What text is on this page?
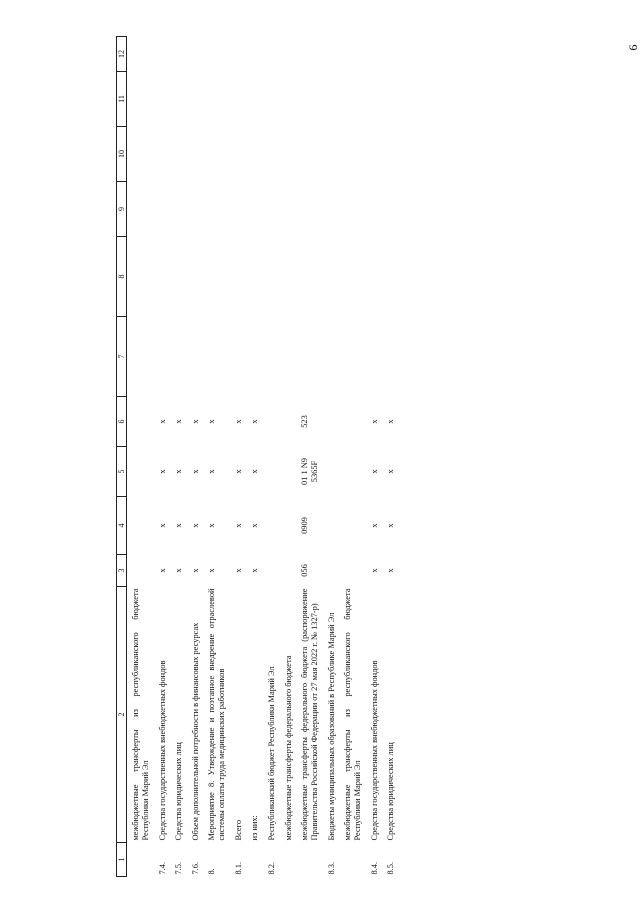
9
1	2	3	4	5	6	7	8	9	10	11	12
	межбюджетные трансферты из республиканского бюджета Республики Марий Эл										
7.4.	Средства государственных внебюджетных фондов	x	x	x	x						
7.5.	Средства юридических лиц	x	x	x	x						
7.6.	Объем дополнительной потребности в финансовых ресурсах	x	x	x	x						
8.	Мероприятие 8. Утверждение и поэтапное внедрение отраслевой системы оплаты труда медицинских работников	x	x	x	x						
8.1.	Всего	x	x	x	x						
	из них:	x	x	x	x						
8.2.	Республиканский бюджет Республики Марий Эл										
	межбюджетные трансферты федерального бюджета										
	межбюджетные трансферты федерального бюджета (распоряжение Правительства Российской Федерации от 27 мая 2022 г. № 1327-р)	056	0909	01 1 N9 5365F	523						
8.3.	Бюджеты муниципальных образований в Республике Марий Эл										
	межбюджетные трансферты из республиканского бюджета Республики Марий Эл										
8.4.	Средства государственных внебюджетных фондов	x	x	x	x						
8.5.	Средства юридических лиц	x	x	x	x						
